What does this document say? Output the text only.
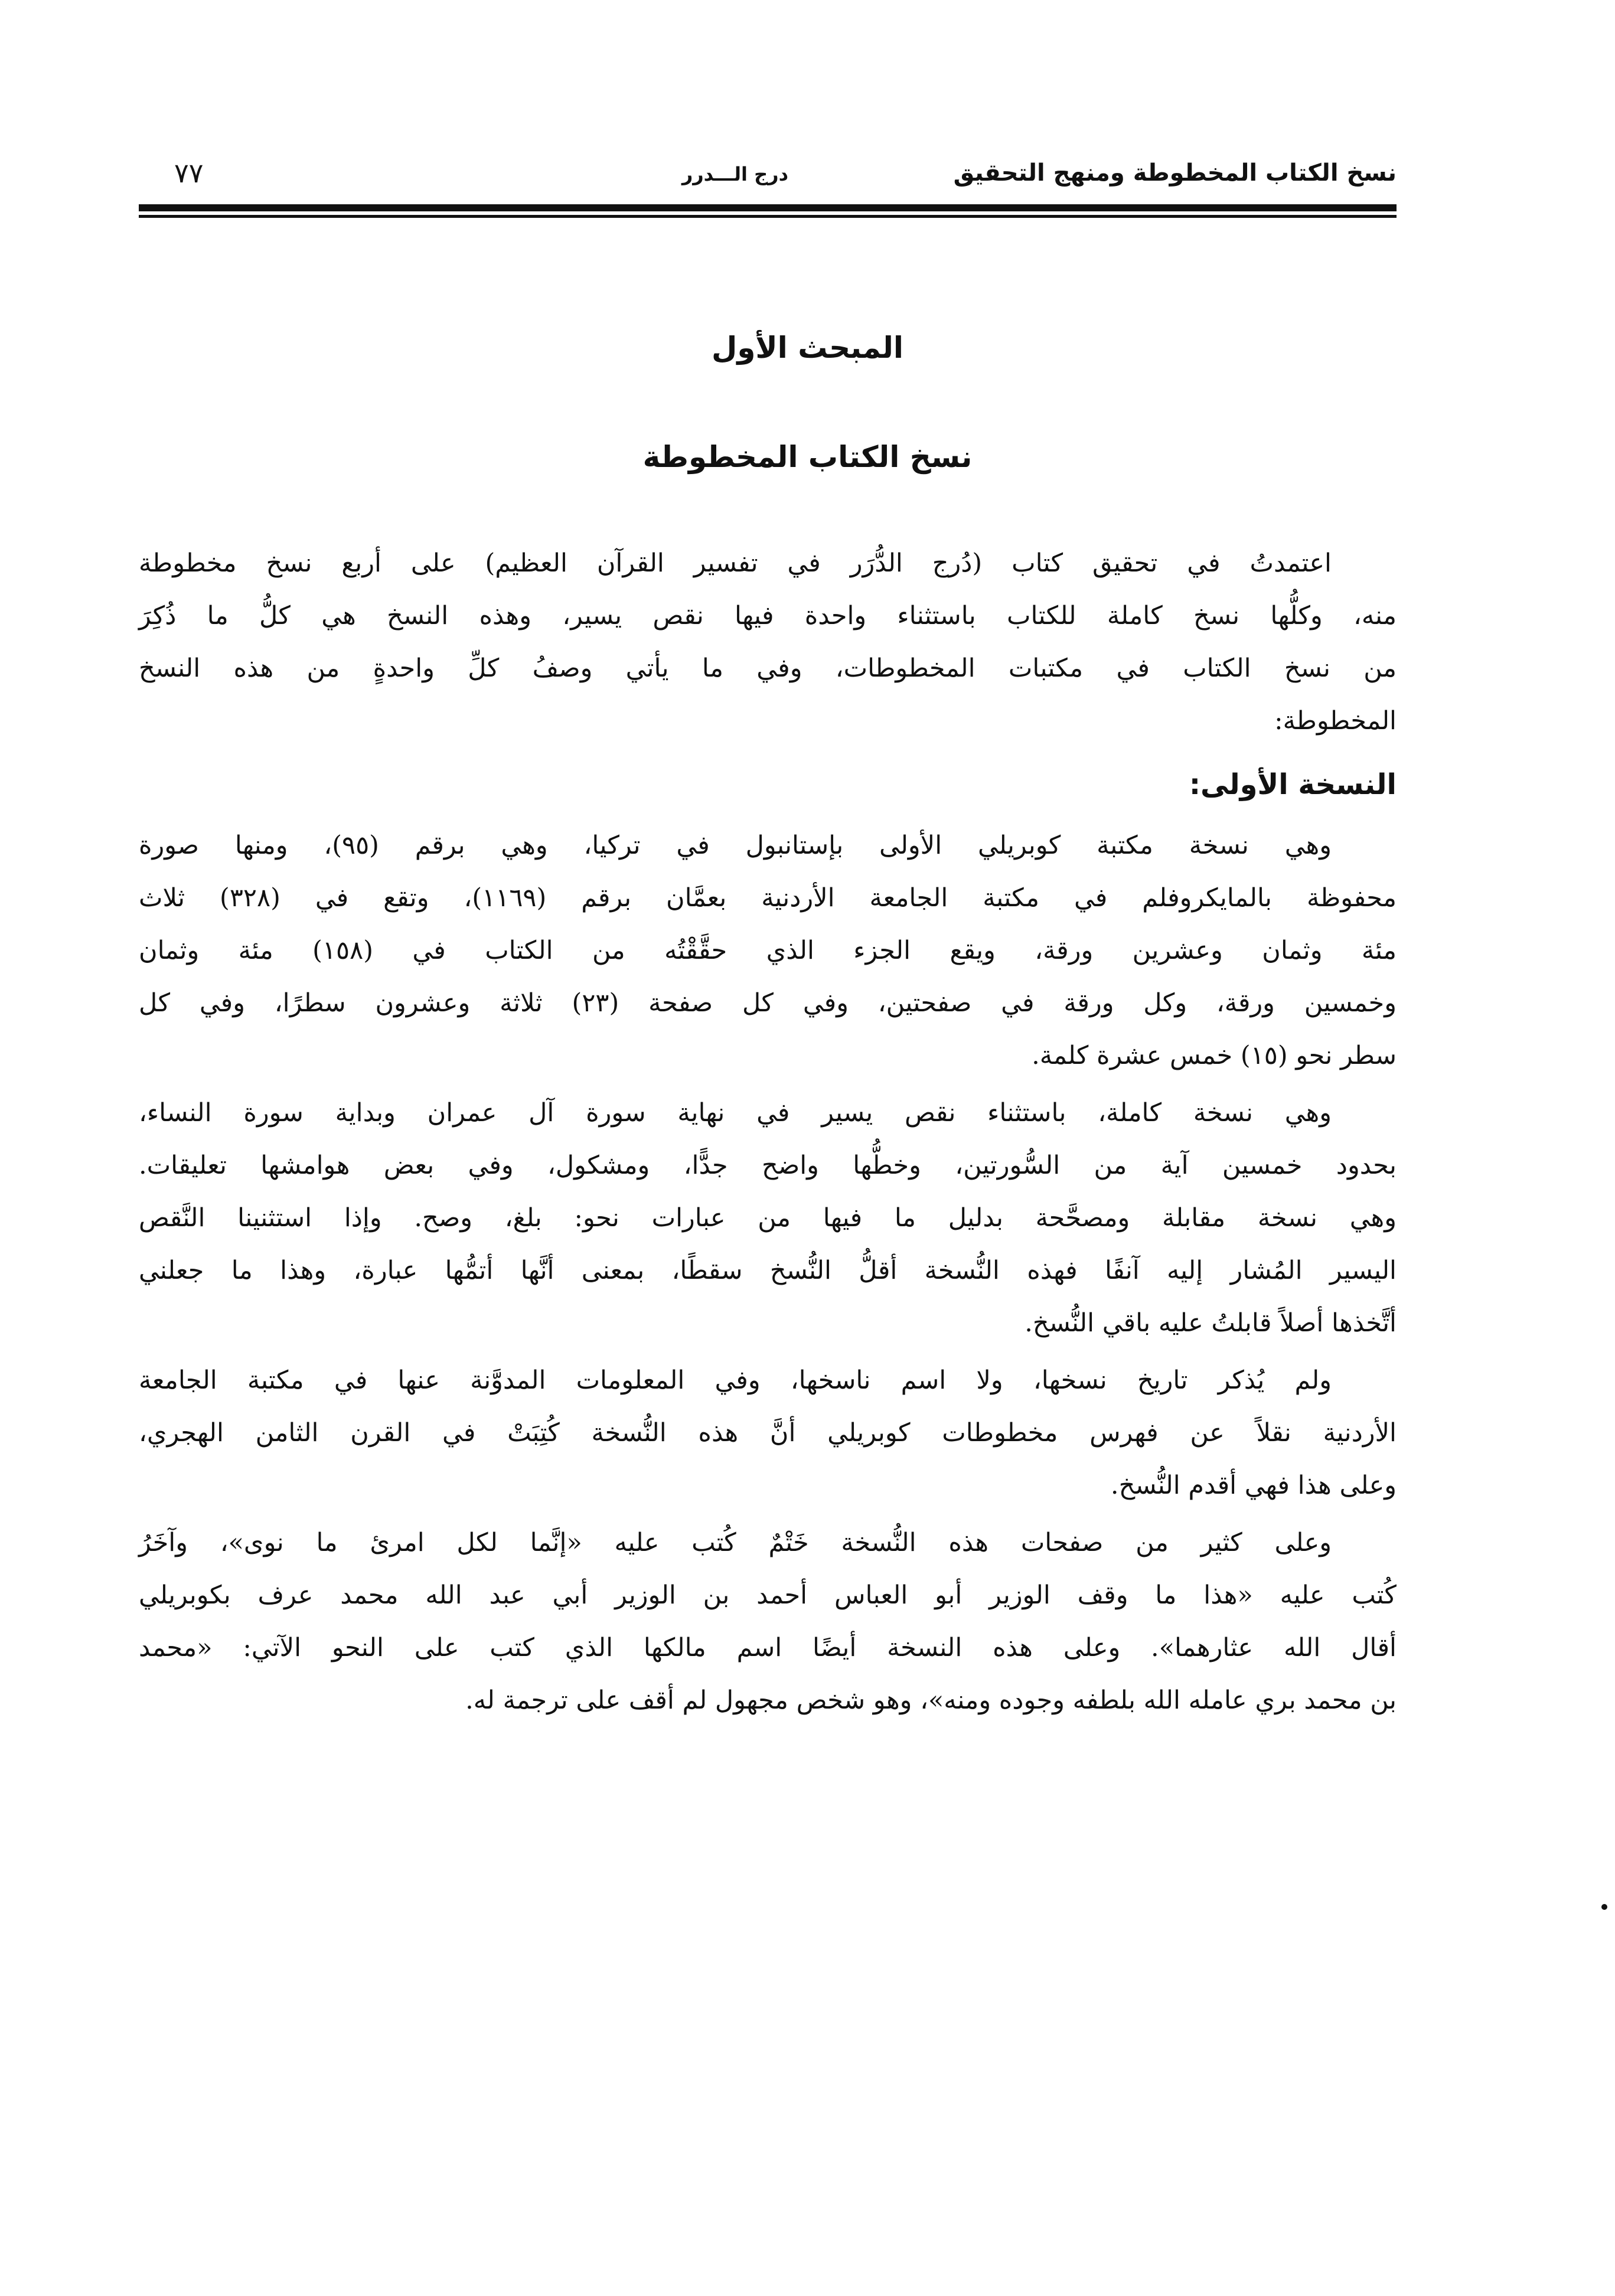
نسخ الكتاب المخطوطة ومنهج التحقيق
درج الـــدرر
٧٧
المبحث الأول
نسخ الكتاب المخطوطة
اعتمدتُ في تحقيق كتاب (دُرج الدُّرَر في تفسير القرآن العظيم) على أربع نسخ مخطوطة
منه، وكلُّها نسخ كاملة للكتاب باستثناء واحدة فيها نقص يسير، وهذه النسخ هي كلُّ ما ذُكِرَ
من نسخ الكتاب في مكتبات المخطوطات، وفي ما يأتي وصفُ كلِّ واحدةٍ من هذه النسخ
المخطوطة:
النسخة الأولى:
وهي نسخة مكتبة كوبريلي الأولى بإستانبول في تركيا، وهي برقم (٩٥)، ومنها صورة
محفوظة بالمايكروفلم في مكتبة الجامعة الأردنية بعمَّان برقم (١١٦٩)، وتقع في (٣٢٨) ثلاث
مئة وثمان وعشرين ورقة، ويقع الجزء الذي حقَّقْتُه من الكتاب في (١٥٨) مئة وثمان
وخمسين ورقة، وكل ورقة في صفحتين، وفي كل صفحة (٢٣) ثلاثة وعشرون سطرًا، وفي كل
سطر نحو (١٥) خمس عشرة كلمة.
وهي نسخة كاملة، باستثناء نقص يسير في نهاية سورة آل عمران وبداية سورة النساء،
بحدود خمسين آية من السُّورتين، وخطُّها واضح جدًّا، ومشكول، وفي بعض هوامشها تعليقات.
وهي نسخة مقابلة ومصحَّحة بدليل ما فيها من عبارات نحو: بلغ، وصح. وإذا استثنينا النَّقص
اليسير المُشار إليه آنفًا فهذه النُّسخة أقلُّ النُّسخ سقطًا، بمعنى أنَّها أتمُّها عبارة، وهذا ما جعلني
أتَّخذها أصلاً قابلتُ عليه باقي النُّسخ.
ولم يُذكر تاريخ نسخها، ولا اسم ناسخها، وفي المعلومات المدوَّنة عنها في مكتبة الجامعة
الأردنية نقلاً عن فهرس مخطوطات كوبريلي أنَّ هذه النُّسخة كُتِبَتْ في القرن الثامن الهجري،
وعلى هذا فهي أقدم النُّسخ.
وعلى كثير من صفحات هذه النُّسخة خَتْمٌ كُتب عليه «إنَّما لكل امرئ ما نوى»، وآخَرُ
كُتب عليه «هذا ما وقف الوزير أبو العباس أحمد بن الوزير أبي عبد الله محمد عرف بكوبريلي
أقال الله عثارهما». وعلى هذه النسخة أيضًا اسم مالكها الذي كتب على النحو الآتي: «محمد
بن محمد بري عامله الله بلطفه وجوده ومنه»، وهو شخص مجهول لم أقف على ترجمة له.
